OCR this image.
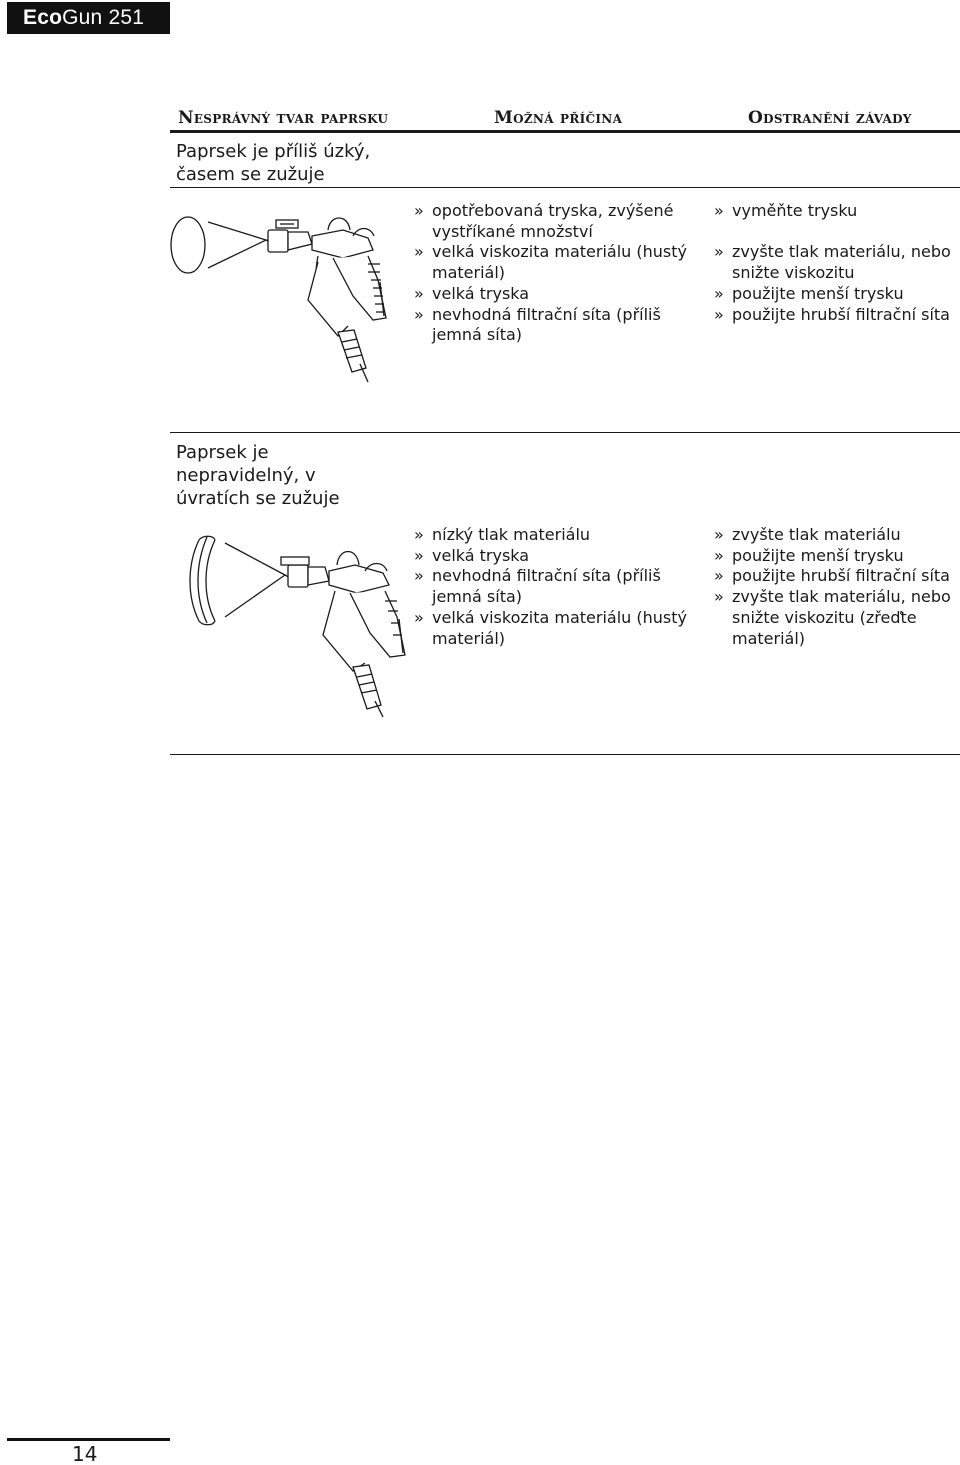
EcoGun 251
Nesprávný tvar paprsku	Možná příčina	Odstranění závady
Paprsek je příliš úzký, časem se zužuje
» opotřebovaná tryska, zvýšené vystříkané množství
» velká viskozita materiálu (hustý materiál)
» velká tryska
» nevhodná filtrační síta (příliš jemná síta)
» vyměňte trysku
» zvyšte tlak materiálu, nebo snižte viskozitu
» použijte menší trysku
» použijte hrubší filtrační síta
Paprsek je nepravidelný, v úvratích se zužuje
» nízký tlak materiálu
» velká tryska
» nevhodná filtrační síta (příliš jemná síta)
» velká viskozita materiálu (hustý materiál)
» zvyšte tlak materiálu
» použijte menší trysku
» použijte hrubší filtrační síta
» zvyšte tlak materiálu, nebo snižte viskozitu (zřeďte materiál)
14
